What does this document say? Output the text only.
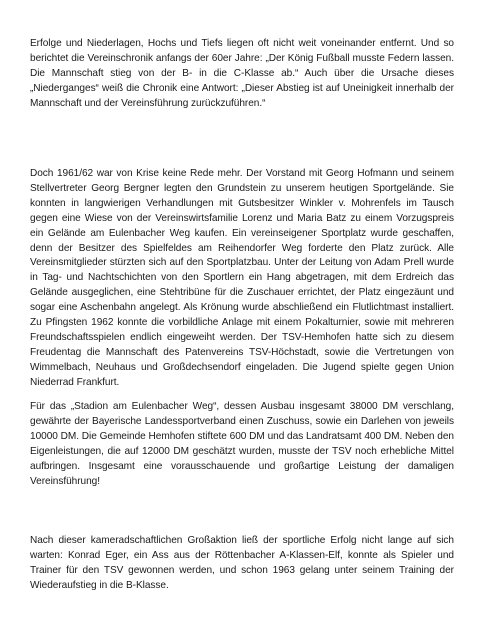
Erfolge und Niederlagen, Hochs und Tiefs liegen oft nicht weit voneinander entfernt. Und so berichtet die Vereinschronik anfangs der 60er Jahre: „Der König Fußball musste Federn lassen. Die Mannschaft stieg von der B- in die C-Klasse ab.“ Auch über die Ursache dieses „Niederganges“ weiß die Chronik eine Antwort: „Dieser Abstieg ist auf Uneinigkeit innerhalb der Mannschaft und der Vereinsführung zurückzuführen.“

Doch 1961/62 war von Krise keine Rede mehr. Der Vorstand mit Georg Hofmann und seinem Stellvertreter Georg Bergner legten den Grundstein zu unserem heutigen Sportgelände. Sie konnten in langwierigen Verhandlungen mit Gutsbesitzer Winkler v. Mohrenfels im Tausch gegen eine Wiese von der Vereinswirtsfamilie Lorenz und Maria Batz zu einem Vorzugspreis ein Gelände am Eulenbacher Weg kaufen. Ein vereinseigener Sportplatz wurde geschaffen, denn der Besitzer des Spielfeldes am Reihendorfer Weg forderte den Platz zurück. Alle Vereinsmitglieder stürzten sich auf den Sportplatzbau. Unter der Leitung von Adam Prell wurde in Tag- und Nachtschichten von den Sportlern ein Hang abgetragen, mit dem Erdreich das Gelände ausgeglichen, eine Stehtribüne für die Zuschauer errichtet, der Platz eingezäunt und sogar eine Aschenbahn angelegt. Als Krönung wurde abschließend ein Flutlichtmast installiert. Zu Pfingsten 1962 konnte die vorbildliche Anlage mit einem Pokalturnier, sowie mit mehreren Freundschaftsspielen endlich eingeweiht werden. Der TSV-Hemhofen hatte sich zu diesem Freudentag die Mannschaft des Patenvereins TSV-Höchstadt, sowie die Vertretungen von Wimmelbach, Neuhaus und Großdechsendorf eingeladen. Die Jugend spielte gegen Union Niederrad Frankfurt.

Für das „Stadion am Eulenbacher Weg“, dessen Ausbau insgesamt 38000 DM verschlang, gewährte der Bayerische Landessportverband einen Zuschuss, sowie ein Darlehen von jeweils 10000 DM. Die Gemeinde Hemhofen stiftete 600 DM und das Landratsamt 400 DM. Neben den Eigenleistungen, die auf 12000 DM geschätzt wurden, musste der TSV noch erhebliche Mittel aufbringen. Insgesamt eine vorausschauende und großartige Leistung der damaligen Vereinsführung!

Nach dieser kameradschaftlichen Großaktion ließ der sportliche Erfolg nicht lange auf sich warten: Konrad Eger, ein Ass aus der Röttenbacher A-Klassen-Elf, konnte als Spieler und Trainer für den TSV gewonnen werden, und schon 1963 gelang unter seinem Training der Wiederaufstieg in die B-Klasse.
